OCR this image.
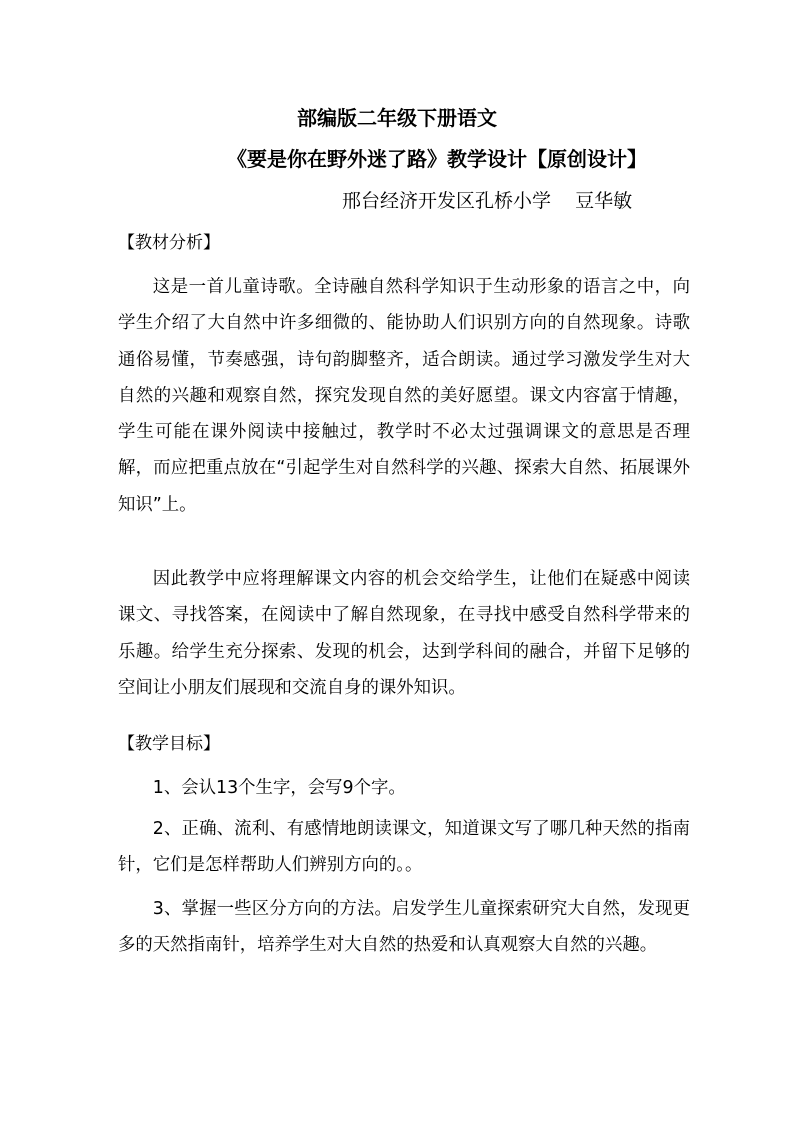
部编版二年级下册语文
《要是你在野外迷了路》教学设计【原创设计】
邢台经济开发区孔桥小学    豆华敏
【教材分析】
这是一首儿童诗歌。全诗融自然科学知识于生动形象的语言之中，向学生介绍了大自然中许多细微的、能协助人们识别方向的自然现象。诗歌通俗易懂，节奏感强，诗句韵脚整齐，适合朗读。通过学习激发学生对大自然的兴趣和观察自然，探究发现自然的美好愿望。课文内容富于情趣，学生可能在课外阅读中接触过，教学时不必太过强调课文的意思是否理解，而应把重点放在“引起学生对自然科学的兴趣、探索大自然、拓展课外知识”上。
因此教学中应将理解课文内容的机会交给学生，让他们在疑惑中阅读课文、寻找答案，在阅读中了解自然现象，在寻找中感受自然科学带来的乐趣。给学生充分探索、发现的机会，达到学科间的融合，并留下足够的空间让小朋友们展现和交流自身的课外知识。
【教学目标】
1、会认13个生字，会写9个字。
2、正确、流利、有感情地朗读课文，知道课文写了哪几种天然的指南针，它们是怎样帮助人们辨别方向的。。
3、掌握一些区分方向的方法。启发学生儿童探索研究大自然，发现更多的天然指南针，培养学生对大自然的热爱和认真观察大自然的兴趣。
